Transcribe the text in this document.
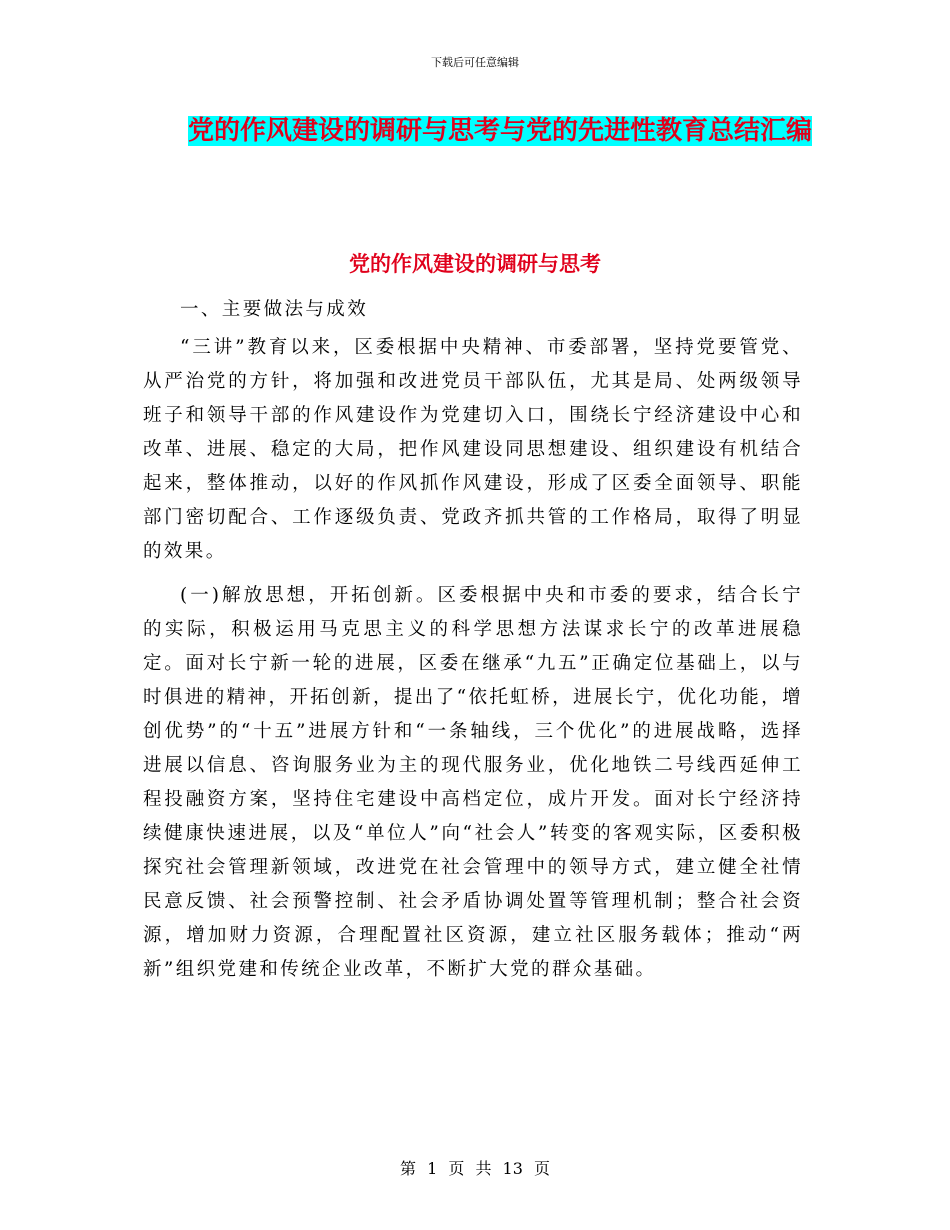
下载后可任意编辑
党的作风建设的调研与思考与党的先进性教育总结汇编
党的作风建设的调研与思考

一、主要做法与成效

“三讲”教育以来，区委根据中央精神、市委部署，坚持党要管党、从严治党的方针，将加强和改进党员干部队伍，尤其是局、处两级领导班子和领导干部的作风建设作为党建切入口，围绕长宁经济建设中心和改革、进展、稳定的大局，把作风建设同思想建设、组织建设有机结合起来，整体推动，以好的作风抓作风建设，形成了区委全面领导、职能部门密切配合、工作逐级负责、党政齐抓共管的工作格局，取得了明显的效果。

(一)解放思想，开拓创新。区委根据中央和市委的要求，结合长宁的实际，积极运用马克思主义的科学思想方法谋求长宁的改革进展稳定。面对长宁新一轮的进展，区委在继承“九五”正确定位基础上，以与时俱进的精神，开拓创新，提出了“依托虹桥，进展长宁，优化功能，增创优势”的“十五”进展方针和“一条轴线，三个优化”的进展战略，选择进展以信息、咨询服务业为主的现代服务业，优化地铁二号线西延伸工程投融资方案，坚持住宅建设中高档定位，成片开发。面对长宁经济持续健康快速进展，以及“单位人”向“社会人”转变的客观实际，区委积极探究社会管理新领域，改进党在社会管理中的领导方式，建立健全社情民意反馈、社会预警控制、社会矛盾协调处置等管理机制；整合社会资源，增加财力资源，合理配置社区资源，建立社区服务载体；推动“两新”组织党建和传统企业改革，不断扩大党的群众基础。

第 1 页 共 13 页
